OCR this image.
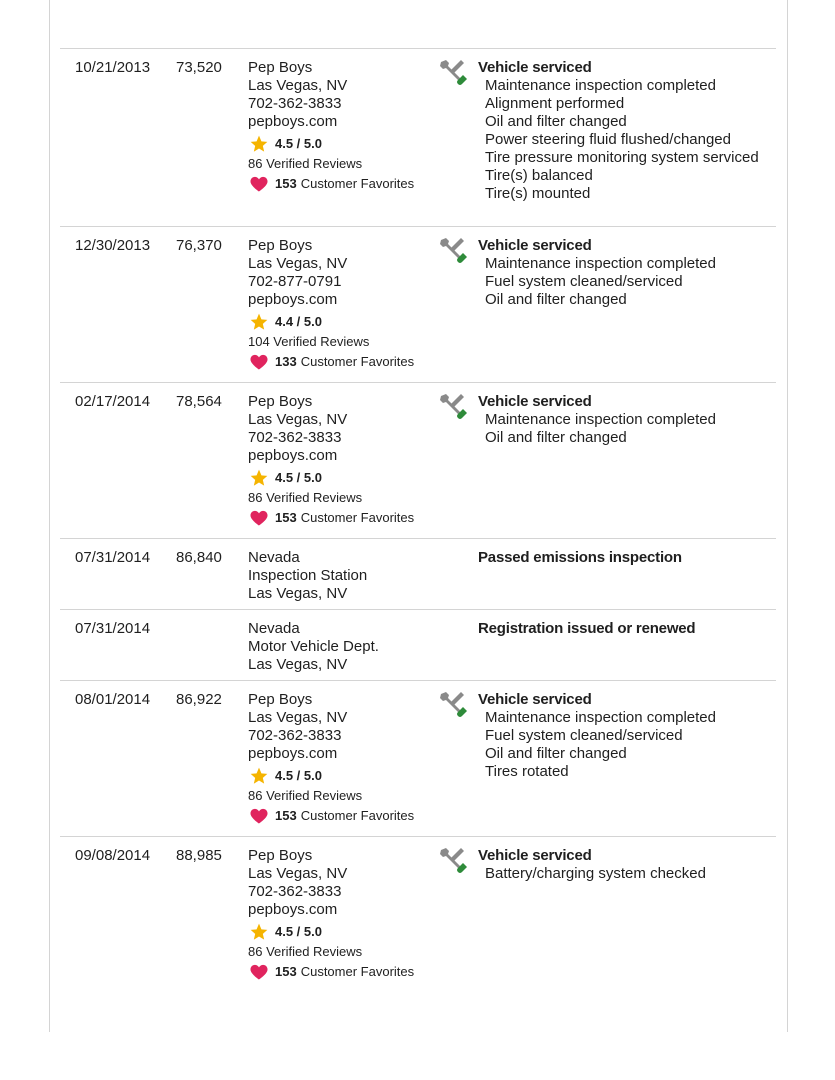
10/21/2013 73,520 Pep Boys
Las Vegas, NV
702-362-3833
pepboys.com
4.5 / 5.0
86 Verified Reviews
153 Customer Favorites
Vehicle serviced
Maintenance inspection completed
Alignment performed
Oil and filter changed
Power steering fluid flushed/changed
Tire pressure monitoring system serviced
Tire(s) balanced
Tire(s) mounted
12/30/2013 76,370 Pep Boys
Las Vegas, NV
702-877-0791
pepboys.com
4.4 / 5.0
104 Verified Reviews
133 Customer Favorites
Vehicle serviced
Maintenance inspection completed
Fuel system cleaned/serviced
Oil and filter changed
02/17/2014 78,564 Pep Boys
Las Vegas, NV
702-362-3833
pepboys.com
4.5 / 5.0
86 Verified Reviews
153 Customer Favorites
Vehicle serviced
Maintenance inspection completed
Oil and filter changed
07/31/2014 86,840 Nevada
Inspection Station
Las Vegas, NV
Passed emissions inspection
07/31/2014	Nevada
Motor Vehicle Dept.
Las Vegas, NV
Registration issued or renewed
08/01/2014 86,922 Pep Boys
Las Vegas, NV
702-362-3833
pepboys.com
4.5 / 5.0
86 Verified Reviews
153 Customer Favorites
Vehicle serviced
Maintenance inspection completed
Fuel system cleaned/serviced
Oil and filter changed
Tires rotated
09/08/2014 88,985 Pep Boys
Las Vegas, NV
702-362-3833
pepboys.com
4.5 / 5.0
86 Verified Reviews
153 Customer Favorites
Vehicle serviced
Battery/charging system checked
